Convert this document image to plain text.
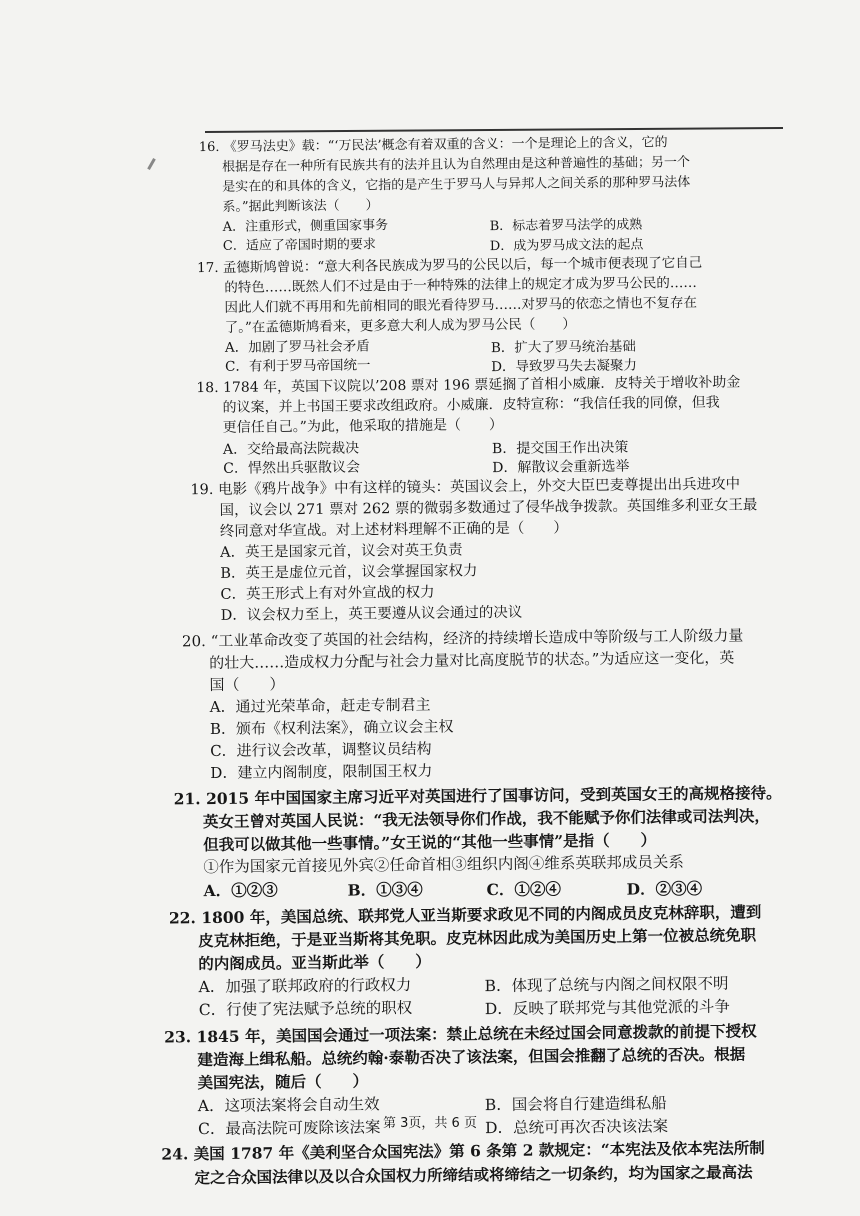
16. 《罗马法史》载：“‘万民法’概念有着双重的含义：一个是理论上的含义，它的
根据是存在一种所有民族共有的法并且认为自然理由是这种普遍性的基础；另一个
是实在的和具体的含义，它指的是产生于罗马人与异邦人之间关系的那种罗马法体
系。”据此判断该法（　　）
A．注重形式，侧重国家事务	B．标志着罗马法学的成熟
C．适应了帝国时期的要求	D．成为罗马成文法的起点
17. 孟德斯鸠曾说：“意大利各民族成为罗马的公民以后，每一个城市便表现了它自己
的特色……既然人们不过是由于一种特殊的法律上的规定才成为罗马公民的……
因此人们就不再用和先前相同的眼光看待罗马……对罗马的依恋之情也不复存在
了。”在孟德斯鸠看来，更多意大利人成为罗马公民（　　）
A．加剧了罗马社会矛盾	B．扩大了罗马统治基础
C．有利于罗马帝国统一	D．导致罗马失去凝聚力
18. 1784 年，英国下议院以’208 票对 196 票延搁了首相小威廉．皮特关于增收补助金
的议案，并上书国王要求改组政府。小威廉．皮特宣称：“我信任我的同僚，但我
更信任自己。”为此，他采取的措施是（　　）
A．交给最高法院裁决	B．提交国王作出决策
C．悍然出兵驱散议会	D．解散议会重新选举
19. 电影《鸦片战争》中有这样的镜头：英国议会上，外交大臣巴麦尊提出出兵进攻中
国，议会以 271 票对 262 票的微弱多数通过了侵华战争拨款。英国维多利亚女王最
终同意对华宣战。对上述材料理解不正确的是（　　）
A．英王是国家元首，议会对英王负责
B．英王是虚位元首，议会掌握国家权力
C．英王形式上有对外宣战的权力
D．议会权力至上，英王要遵从议会通过的决议
20. “工业革命改变了英国的社会结构，经济的持续增长造成中等阶级与工人阶级力量
的壮大……造成权力分配与社会力量对比高度脱节的状态。”为适应这一变化，英
国（　　）
A．通过光荣革命，赶走专制君主
B．颁布《权利法案》，确立议会主权
C．进行议会改革，调整议员结构
D．建立内阁制度，限制国王权力
21. 2015 年中国国家主席习近平对英国进行了国事访问，受到英国女王的高规格接待。
英女王曾对英国人民说：“我无法领导你们作战，我不能赋予你们法律或司法判决，
但我可以做其他一些事情。”女王说的“其他一些事情”是指（　　）
①作为国家元首接见外宾②任命首相③组织内阁④维系英联邦成员关系
A．①②③	B．①③④	C．①②④	D．②③④
22. 1800 年，美国总统、联邦党人亚当斯要求政见不同的内阁成员皮克林辞职，遭到
皮克林拒绝，于是亚当斯将其免职。皮克林因此成为美国历史上第一位被总统免职
的内阁成员。亚当斯此举（　　）
A．加强了联邦政府的行政权力	B．体现了总统与内阁之间权限不明
C．行使了宪法赋予总统的职权	D．反映了联邦党与其他党派的斗争
23. 1845 年，美国国会通过一项法案：禁止总统在未经过国会同意拨款的前提下授权
建造海上缉私船。总统约翰·泰勒否决了该法案，但国会推翻了总统的否决。根据
美国宪法，随后（　　）
A．这项法案将会自动生效	B．国会将自行建造缉私船
C．最高法院可废除该法案	D．总统可再次否决该法案
24. 美国 1787 年《美利坚合众国宪法》第 6 条第 2 款规定：“本宪法及依本宪法所制
定之合众国法律以及以合众国权力所缔结或将缔结之一切条约，均为国家之最高法
第 3页，共 6 页
